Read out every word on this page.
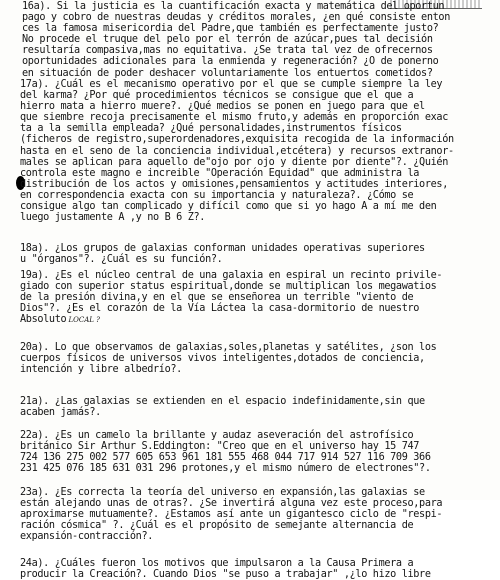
16a). Si la justicia es la cuantificación exacta y matemática del oportun
pago y cobro de nuestras deudas y créditos morales, ¿en qué consiste enton
ces la famosa misericordia del Padre,que también es perfectamente justo?
No procede el truque del pelo por el terrón de azúcar,pues tal decisión
resultaría compasiva,mas no equitativa. ¿Se trata tal vez de ofrecernos
oportunidades adicionales para la enmienda y regeneración? ¿O de ponerno
en situación de poder deshacer voluntariamente los entuertos cometidos?
17a). ¿Cuál es el mecanismo operativo por el que se cumple siempre la ley
del karma? ¿Por qué procedimientos técnicos se consigue que el que a
hierro mata a hierro muere?. ¿Qué medios se ponen en juego para que el
que siembre recoja precisamente el mismo fruto,y además en proporción exac
ta a la semilla empleada? ¿Qué personalidades,instrumentos físicos
(ficheros de registro,superordenadores,exquisita recogida de la información
hasta en el seno de la conciencia individual,etcétera) y recursos extranor-
males se aplican para aquello de"ojo por ojo y diente por diente"?. ¿Quién
controla este magno e increible "Operación Equidad" que administra la
distribución de los actos y omisiones,pensamientos y actitudes interiores,
en correspondencia exacta con su importancia y naturaleza?. ¿Cómo se
consigue algo tan complicado y difícil como que si yo hago A a mí me den
luego justamente A ,y no B 6 Z?.
18a). ¿Los grupos de galaxias conforman unidades operativas superiores
u "órganos"?. ¿Cuál es su función?.
19a). ¿Es el núcleo central de una galaxia en espiral un recinto privile-
giado con superior status espiritual,donde se multiplican los megawatios
de la presión divina,y en el que se enseñorea un terrible "viento de
Dios"?. ¿Es el corazón de la Vía Láctea la casa-dormitorio de nuestro
Absoluto LOCAL ?
20a). Lo que observamos de galaxias,soles,planetas y satélites, ¿son los
cuerpos físicos de universos vivos inteligentes,dotados de conciencia,
intención y libre albedrío?.
21a). ¿Las galaxias se extienden en el espacio indefinidamente,sin que
acaben jamás?.
22a). ¿Es un camelo la brillante y audaz aseveración del astrofísico
británico Sir Arthur S.Eddington: "Creo que en el universo hay 15 747
724 136 275 002 577 605 653 961 181 555 468 044 717 914 527 116 709 366
231 425 076 185 631 031 296 protones,y el mismo número de electrones"?.
23a). ¿Es correcta la teoría del universo en expansión,las galaxias se
están alejando unas de otras?. ¿Se invertirá alguna vez este proceso,para
aproximarse mutuamente?. ¿Estamos así ante un gigantesco ciclo de "respi-
ración cósmica" ?. ¿Cuál es el propósito de semejante alternancia de
expansión-contracción?.
24a). ¿Cuáles fueron los motivos que impulsaron a la Causa Primera a
producir la Creación?. Cuando Dios "se puso a trabajar" ,¿lo hizo libre
